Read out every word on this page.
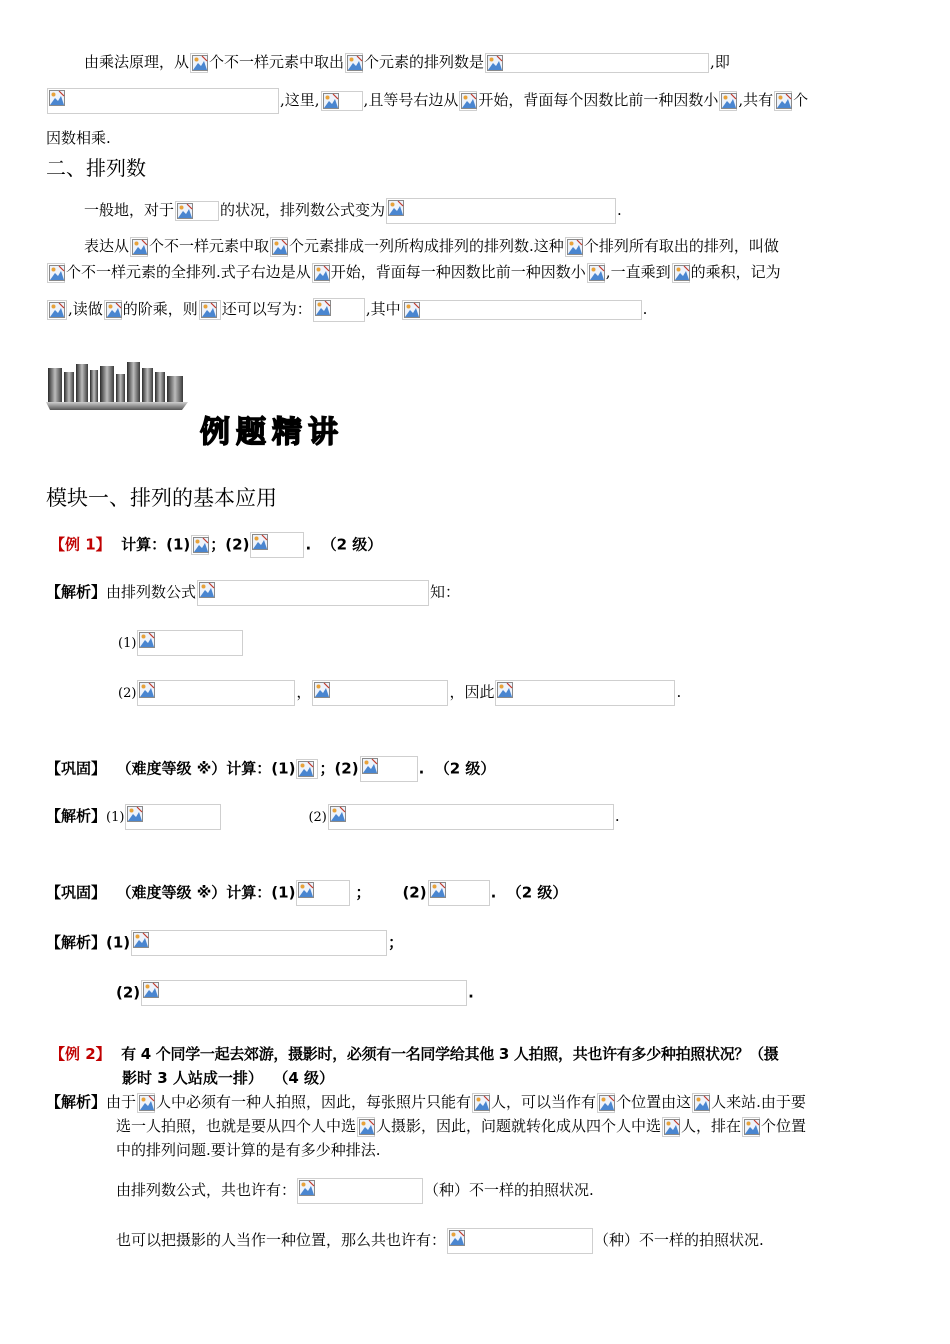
由乘法原理，从 个不一样元素中取出 个元素的排列数是	,即
,这里,	,且等号右边从 开始，背面每个因数比前一种因数小 ,共有 个
因数相乘.
二、排列数
一般地，对于	的状况，排列数公式变为	.
表达从 个不一样元素中取 个元素排成一列所构成排列的排列数.这种 个排列所有取出的排列，叫做
个不一样元素的全排列.式子右边是从 开始，背面每一种因数比前一种因数小 ,一直乘到 的乘积，记为
,读做 的阶乘，则 还可以写为：	,其中	.
例题精讲
模块一、排列的基本应用
【例 1】 计算：(1) ；(2)	. （2 级）
【解析】由排列数公式	知：
(1)
(2)	，	，因此	.
【巩固】 （难度等级 ※）计算：(1) ；(2)	. （2 级）
【解析】(1)	(2)	.
【巩固】 （难度等级 ※）计算：(1)	； (2)	. （2 级）
【解析】(1)	；
(2)	.
【例 2】 有 4 个同学一起去郊游，摄影时，必须有一名同学给其他 3 人拍照，共也许有多少种拍照状况？（摄
影时 3 人站成一排） （4 级）
【解析】由于 人中必须有一种人拍照，因此，每张照片只能有 人，可以当作有 个位置由这 人来站.由于要
选一人拍照，也就是要从四个人中选 人摄影，因此，问题就转化成从四个人中选 人，排在 个位置
中的排列问题.要计算的是有多少种排法.
由排列数公式，共也许有：	（种）不一样的拍照状况.
也可以把摄影的人当作一种位置，那么共也许有：	（种）不一样的拍照状况.
